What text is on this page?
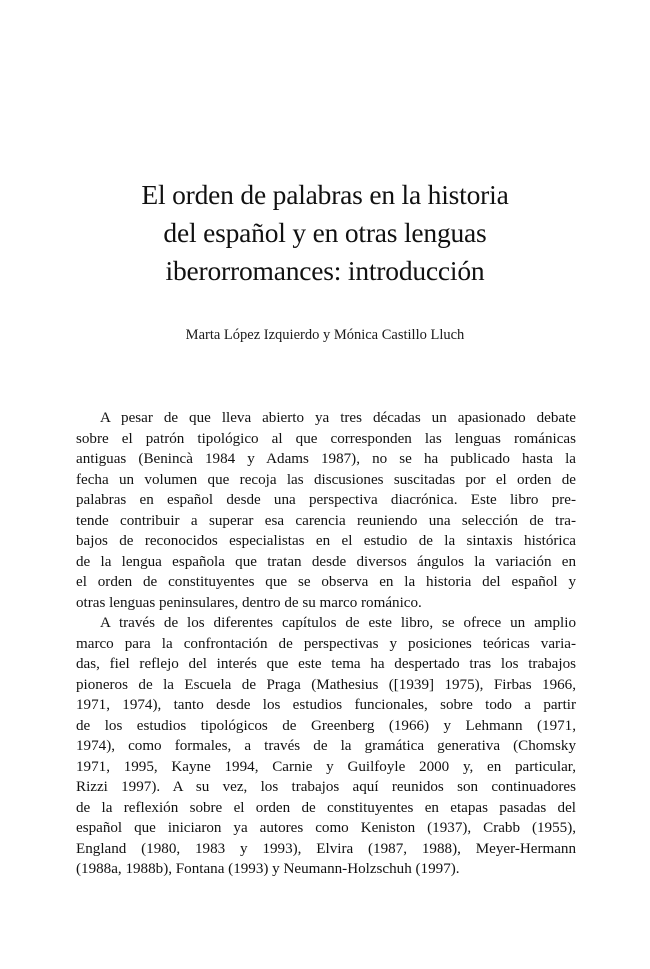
El orden de palabras en la historia
del español y en otras lenguas
iberorromances: introducción
Marta López Izquierdo y Mónica Castillo Lluch

A pesar de que lleva abierto ya tres décadas un apasionado debate
sobre el patrón tipológico al que corresponden las lenguas románicas
antiguas (Benincà 1984 y Adams 1987), no se ha publicado hasta la
fecha un volumen que recoja las discusiones suscitadas por el orden de
palabras en español desde una perspectiva diacrónica. Este libro pre-
tende contribuir a superar esa carencia reuniendo una selección de tra-
bajos de reconocidos especialistas en el estudio de la sintaxis histórica
de la lengua española que tratan desde diversos ángulos la variación en
el orden de constituyentes que se observa en la historia del español y
otras lenguas peninsulares, dentro de su marco románico.

A través de los diferentes capítulos de este libro, se ofrece un amplio
marco para la confrontación de perspectivas y posiciones teóricas varia-
das, fiel reflejo del interés que este tema ha despertado tras los trabajos
pioneros de la Escuela de Praga (Mathesius ([1939] 1975), Firbas 1966,
1971, 1974), tanto desde los estudios funcionales, sobre todo a partir
de los estudios tipológicos de Greenberg (1966) y Lehmann (1971,
1974), como formales, a través de la gramática generativa (Chomsky
1971, 1995, Kayne 1994, Carnie y Guilfoyle 2000 y, en particular,
Rizzi 1997). A su vez, los trabajos aquí reunidos son continuadores
de la reflexión sobre el orden de constituyentes en etapas pasadas del
español que iniciaron ya autores como Keniston (1937), Crabb (1955),
England (1980, 1983 y 1993), Elvira (1987, 1988), Meyer-Hermann
(1988a, 1988b), Fontana (1993) y Neumann-Holzschuh (1997).
